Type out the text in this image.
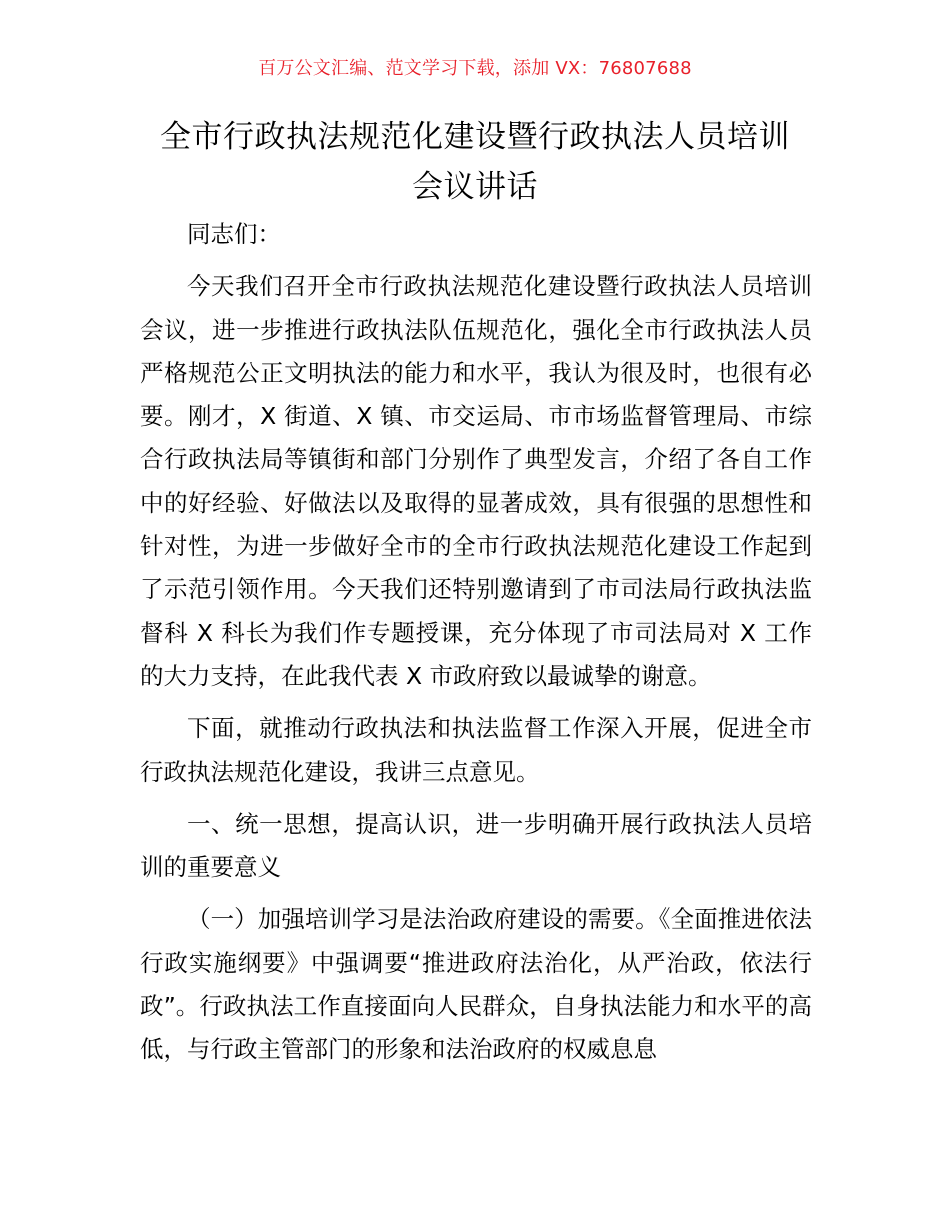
百万公文汇编、范文学习下载，添加 VX：76807688
全市行政执法规范化建设暨行政执法人员培训
会议讲话

同志们：

今天我们召开全市行政执法规范化建设暨行政执法人员培训会议，进一步推进行政执法队伍规范化，强化全市行政执法人员严格规范公正文明执法的能力和水平，我认为很及时，也很有必要。刚才，X 街道、X 镇、市交运局、市市场监督管理局、市综合行政执法局等镇街和部门分别作了典型发言，介绍了各自工作中的好经验、好做法以及取得的显著成效，具有很强的思想性和针对性，为进一步做好全市的全市行政执法规范化建设工作起到了示范引领作用。今天我们还特别邀请到了市司法局行政执法监督科 X 科长为我们作专题授课，充分体现了市司法局对 X 工作的大力支持，在此我代表 X 市政府致以最诚挚的谢意。

下面，就推动行政执法和执法监督工作深入开展，促进全市行政执法规范化建设，我讲三点意见。

一、统一思想，提高认识，进一步明确开展行政执法人员培训的重要意义

（一）加强培训学习是法治政府建设的需要。《全面推进依法行政实施纲要》中强调要“推进政府法治化，从严治政，依法行政”。行政执法工作直接面向人民群众，自身执法能力和水平的高低，与行政主管部门的形象和法治政府的权威息息
